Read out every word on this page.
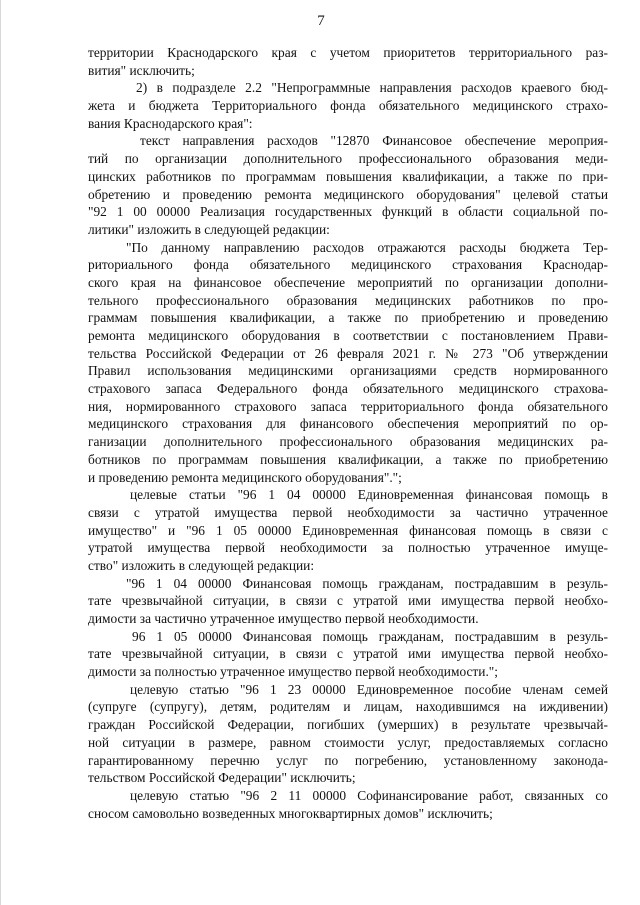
7
территории Краснодарского края с учетом приоритетов территориального раз-
вития" исключить;
2) в подразделе 2.2 "Непрограммные направления расходов краевого бюд-
жета и бюджета Территориального фонда обязательного медицинского страхо-
вания Краснодарского края":
текст направления расходов "12870 Финансовое обеспечение мероприя-
тий по организации дополнительного профессионального образования меди-
цинских работников по программам повышения квалификации, а также по при-
обретению и проведению ремонта медицинского оборудования" целевой статьи
"92 1 00 00000 Реализация государственных функций в области социальной по-
литики" изложить в следующей редакции:
"По данному направлению расходов отражаются расходы бюджета Тер-
риториального фонда обязательного медицинского страхования Краснодар-
ского края на финансовое обеспечение мероприятий по организации дополни-
тельного профессионального образования медицинских работников по про-
граммам повышения квалификации, а также по приобретению и проведению
ремонта медицинского оборудования в соответствии с постановлением Прави-
тельства Российской Федерации от 26 февраля 2021 г. № 273 "Об утверждении
Правил использования медицинскими организациями средств нормированного
страхового запаса Федерального фонда обязательного медицинского страхова-
ния, нормированного страхового запаса территориального фонда обязательного
медицинского страхования для финансового обеспечения мероприятий по ор-
ганизации дополнительного профессионального образования медицинских ра-
ботников по программам повышения квалификации, а также по приобретению
и проведению ремонта медицинского оборудования".";
целевые статьи "96 1 04 00000 Единовременная финансовая помощь в
связи с утратой имущества первой необходимости за частично утраченное
имущество" и "96 1 05 00000 Единовременная финансовая помощь в связи с
утратой имущества первой необходимости за полностью утраченное имуще-
ство" изложить в следующей редакции:
"96 1 04 00000 Финансовая помощь гражданам, пострадавшим в резуль-
тате чрезвычайной ситуации, в связи с утратой ими имущества первой необхо-
димости за частично утраченное имущество первой необходимости.
96 1 05 00000 Финансовая помощь гражданам, пострадавшим в резуль-
тате чрезвычайной ситуации, в связи с утратой ими имущества первой необхо-
димости за полностью утраченное имущество первой необходимости.";
целевую статью "96 1 23 00000 Единовременное пособие членам семей
(супруге (супругу), детям, родителям и лицам, находившимся на иждивении)
граждан Российской Федерации, погибших (умерших) в результате чрезвычай-
ной ситуации в размере, равном стоимости услуг, предоставляемых согласно
гарантированному перечню услуг по погребению, установленному законода-
тельством Российской Федерации" исключить;
целевую статью "96 2 11 00000 Софинансирование работ, связанных со
сносом самовольно возведенных многоквартирных домов" исключить;
